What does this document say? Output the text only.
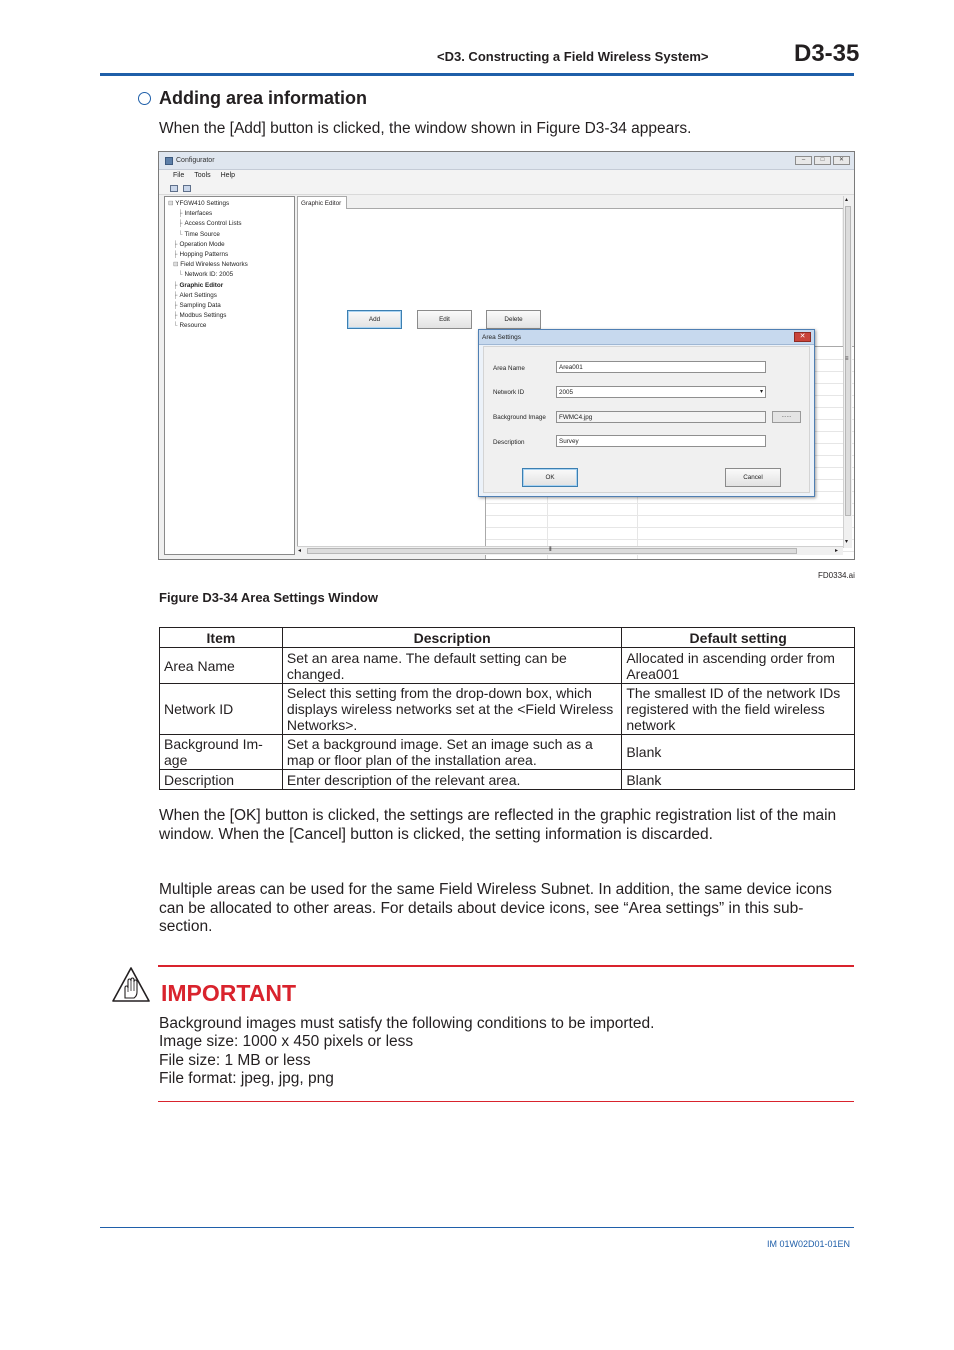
<D3. Constructing a Field Wireless System>	D3-35
Adding area information
When the [Add] button is clicked, the window shown in Figure D3-34 appears.
Configurator	–	□	✕
File Tools Help
⊟ YFGW410 Settings
├ Interfaces
├ Access Control Lists
└ Time Source
├ Operation Mode
├ Hopping Patterns
⊟ Field Wireless Networks
└ Network ID: 2005
├ Graphic Editor
├ Alert Settings
├ Sampling Data
├ Modbus Settings
└ Resource
Graphic Editor
Add	Edit	Delete
Area Settings	✕
Area Name	Area001
Network ID	2005	▾
Background Image	FWMC4.jpg	......
Description	Survey
OK	Cancel
▴
≡
▾
◂	⫴	▸
FD0334.ai
Figure D3-34 Area Settings Window
Item	Description	Default setting
Area Name	Set an area name. The default setting can be changed.	Allocated in ascending order from Area001
Network ID	Select this setting from the drop-down box, which displays wireless networks set at the <Field Wireless Networks>.	The smallest ID of the network IDs registered with the field wireless network
Background Im-age	Set a background image. Set an image such as a map or floor plan of the installation area.	Blank
Description	Enter description of the relevant area.	Blank
When the [OK] button is clicked, the settings are reflected in the graphic registration list of the main window. When the [Cancel] button is clicked, the setting information is discarded.
Multiple areas can be used for the same Field Wireless Subnet. In addition, the same device icons can be allocated to other areas. For details about device icons, see “Area settings” in this sub-section.
IMPORTANT
Background images must satisfy the following conditions to be imported.
Image size: 1000 x 450 pixels or less
File size: 1 MB or less
File format: jpeg, jpg, png
IM 01W02D01-01EN
